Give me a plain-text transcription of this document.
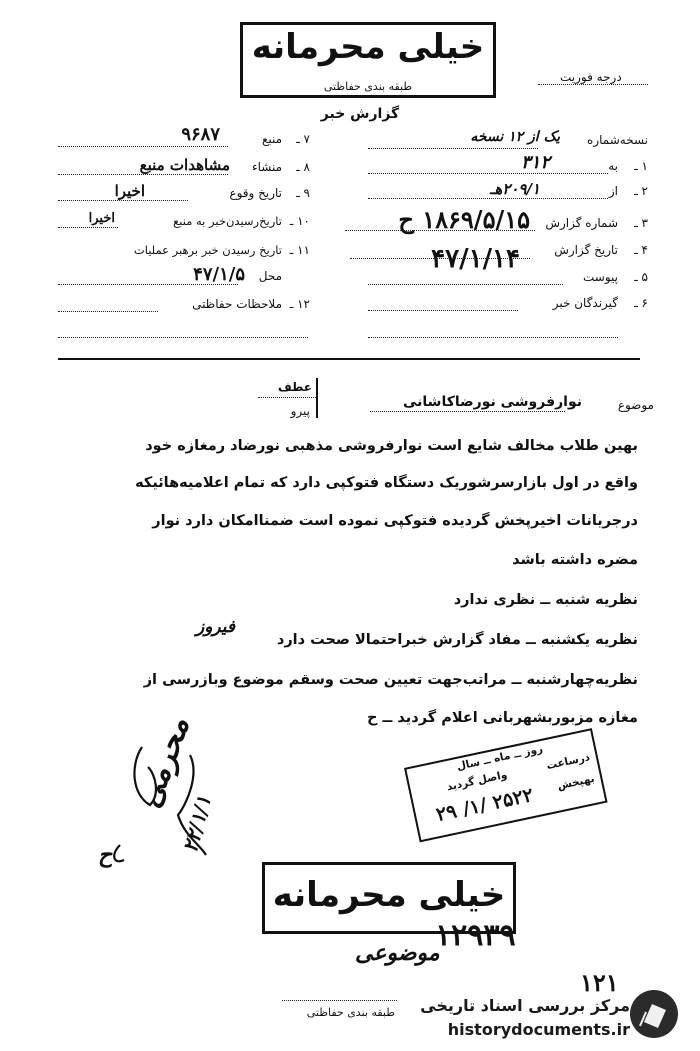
خیلی محرمانه
طبقه بندی حفاظتی
درجه فوریت
گزارش خبر
نسخه‌شماره
یک از ۱۲ نسخه
۱ ـ
به
۳۱۲
۲ ـ
از
۲۰۹/۱هـ
۳ ـ
شماره گزارش
۱۸۶۹/۵/۱۵ ح
۴ ـ
تاریخ گزارش
۴۷/۱/۱۴
۵ ـ
پیوست
۶ ـ
گیرندگان خبر
۷ ـ
منبع
۹۶۸۷
۸ ـ
منشاء
مشاهدات منبع
۹ ـ
تاریخ وقوع
اخیرا
۱۰ ـ
تاریخ‌رسیدن‌خبر به منبع
اخیرا
۱۱ ـ
تاریخ رسیدن خبر برهبر عملیات
محل
۴۷/۱/۵
۱۲ ـ
ملاحظات حفاظتی
موضوع
نوارفروشی نورضاکاشانی
عطف
پیرو
بهین طلاب مخالف شایع است نوارفروشی مذهبی نورضاد رمغازه خود
واقع در اول بازارسرشوریک دستگاه فتوکپی دارد که تمام اعلامیه‌هائیکه
درجریانات اخیرپخش گردیده فتوکپی نموده است ضمناامکان دارد نوار
مضره داشته باشد
نظریه شنبه ــ نظری ندارد
نظریه یکشنبه ــ مفاد گزارش خبراحتمالا صحت دارد
نظریه‌چهارشنبه ــ مراتب‌جهت تعیین صحت وسقم موضوع وبازرسی از
مغازه مزبوربشهربانی اعلام گردید ــ ح
فیروز
محرمی
۲۲/۱/۱
ح
روز ــ ماه ــ سال درساعت
واصل گردید	بهپخش
۲۵۲۲ /۱/ ۲۹
خیلی محرمانه
۱۲۹۳۹
موضوعی
۱۲۱
طبقه بندی حفاظتی مرکز بررسی اسناد تاریخی
historydocuments.ir
